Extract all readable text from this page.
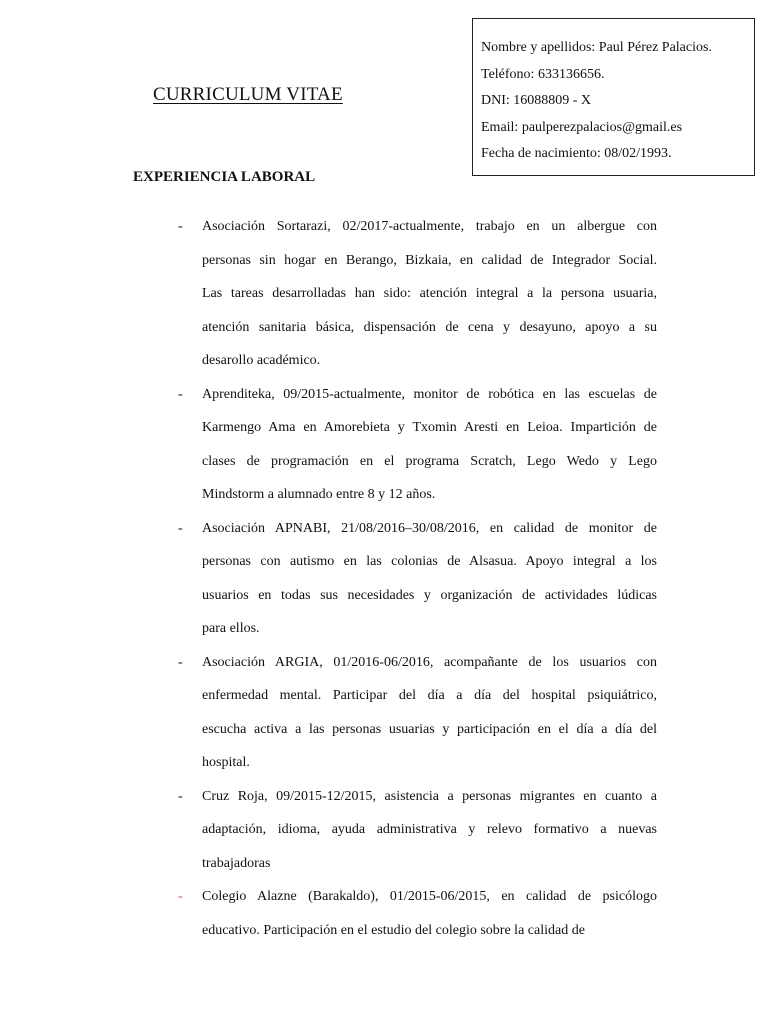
Nombre y apellidos: Paul Pérez Palacios.

Teléfono: 633136656.

DNI: 16088809 - X

Email: paulperezpalacios@gmail.es

Fecha de nacimiento: 08/02/1993.

CURRICULUM VITAE
EXPERIENCIA LABORAL
- Asociación Sortarazi, 02/2017-actualmente, trabajo en un albergue con
personas sin hogar en Berango, Bizkaia, en calidad de Integrador Social.
Las tareas desarrolladas han sido: atención integral a la persona usuaria,
atención sanitaria básica, dispensación de cena y desayuno, apoyo a su
desarollo académico.

- Aprenditeka, 09/2015-actualmente, monitor de robótica en las escuelas de
Karmengo Ama en Amorebieta y Txomin Aresti en Leioa. Impartición de
clases de programación en el programa Scratch, Lego Wedo y Lego
Mindstorm a alumnado entre 8 y 12 años.

- Asociación APNABI, 21/08/2016–30/08/2016, en calidad de monitor de
personas con autismo en las colonias de Alsasua. Apoyo integral a los
usuarios en todas sus necesidades y organización de actividades lúdicas
para ellos.

- Asociación ARGIA, 01/2016-06/2016, acompañante de los usuarios con
enfermedad mental. Participar del día a día del hospital psiquiátrico,
escucha activa a las personas usuarias y participación en el día a día del
hospital.

- Cruz Roja, 09/2015-12/2015, asistencia a personas migrantes en cuanto a
adaptación, idioma, ayuda administrativa y relevo formativo a nuevas
trabajadoras

- Colegio Alazne (Barakaldo), 01/2015-06/2015, en calidad de psicólogo
educativo. Participación en el estudio del colegio sobre la calidad de
